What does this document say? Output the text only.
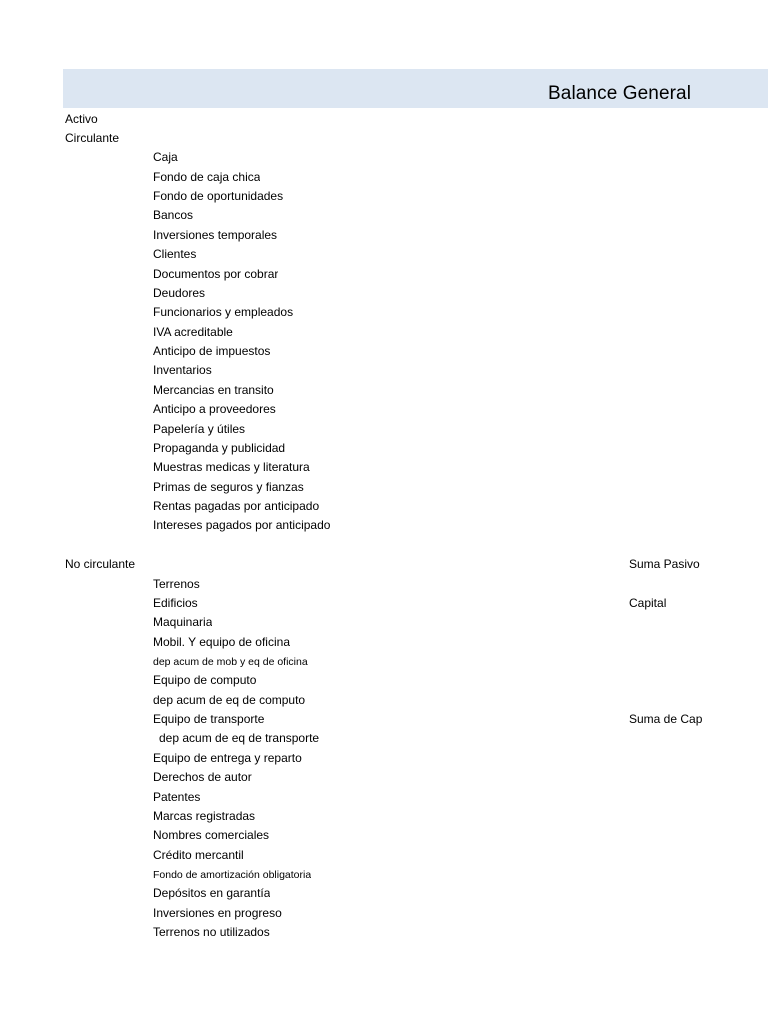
Balance General
Activo
Circulante
Caja
Fondo de caja chica
Fondo de oportunidades
Bancos
Inversiones temporales
Clientes
Documentos por cobrar
Deudores
Funcionarios y empleados
IVA acreditable
Anticipo de impuestos
Inventarios
Mercancias en transito
Anticipo a proveedores
Papelería y útiles
Propaganda y publicidad
Muestras medicas y literatura
Primas de seguros y fianzas
Rentas pagadas por anticipado
Intereses pagados por anticipado
No circulante
Terrenos
Edificios
Maquinaria
Mobil. Y equipo de oficina
dep acum de mob y eq de oficina
Equipo de computo
dep acum de eq de computo
Equipo de transporte
dep acum de eq de transporte
Equipo de entrega y reparto
Derechos de autor
Patentes
Marcas registradas
Nombres comerciales
Crédito mercantil
Fondo de amortización obligatoria
Depósitos en garantía
Inversiones en progreso
Terrenos no utilizados
Suma Pasivo
Capital
Suma de Cap
